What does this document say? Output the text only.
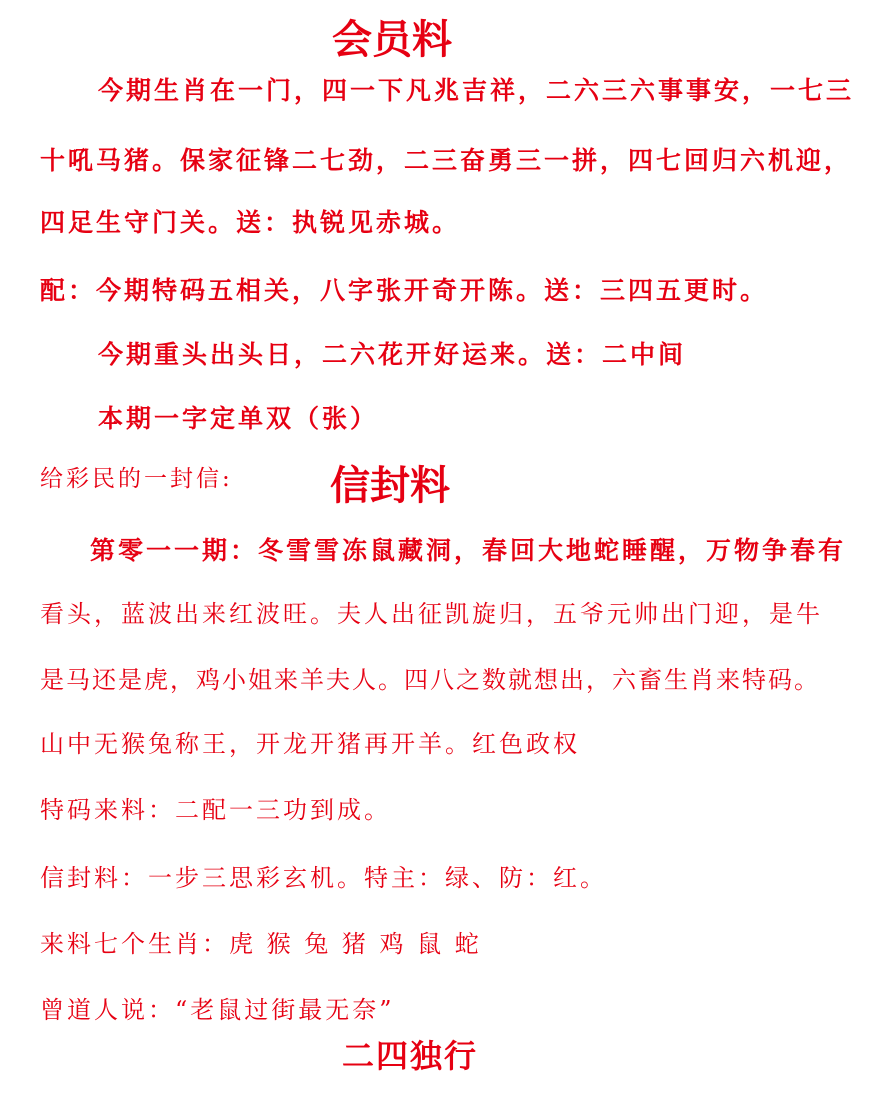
会员料
今期生肖在一门，四一下凡兆吉祥，二六三六事事安，一七三
十吼马猪。保家征锋二七劲，二三奋勇三一拼，四七回归六机迎，
四足生守门关。送：执锐见赤城。
配：今期特码五相关，八字张开奇开陈。送：三四五更时。
今期重头出头日，二六花开好运来。送：二中间
本期一字定单双（张）
给彩民的一封信: 信封料
第零一一期：冬雪雪冻鼠藏洞，春回大地蛇睡醒，万物争春有
看头，蓝波出来红波旺。夫人出征凯旋归，五爷元帅出门迎，是牛
是马还是虎，鸡小姐来羊夫人。四八之数就想出，六畜生肖来特码。
山中无猴兔称王，开龙开猪再开羊。红色政权
特码来料：二配一三功到成。
信封料：一步三思彩玄机。特主：绿、防：红。
来料七个生肖：虎 猴 兔 猪 鸡 鼠 蛇
曾道人说：“老鼠过街最无奈”
二四独行
